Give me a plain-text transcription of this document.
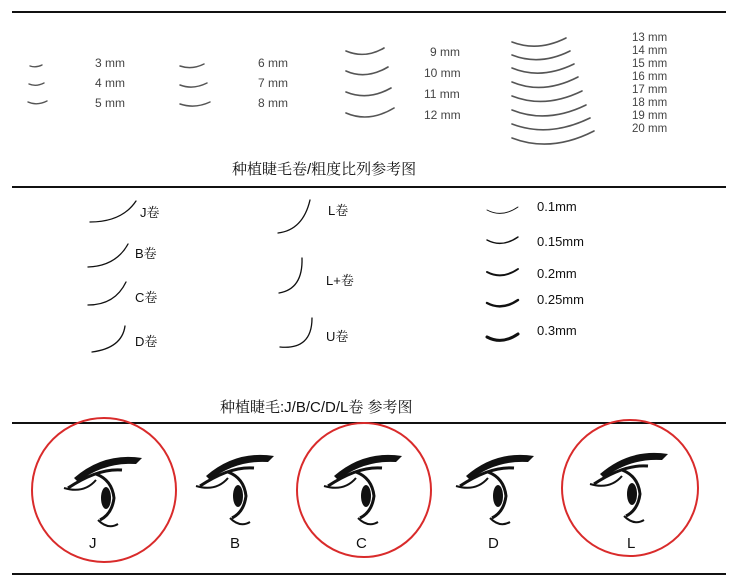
3 mm
4 mm
5 mm
6 mm
7 mm
8 mm
9 mm
10 mm
11 mm
12 mm
13 mm
14 mm
15 mm
16 mm
17 mm
18 mm
19 mm
20 mm
种植睫毛卷/粗度比列参考图
J卷
B卷
C卷
D卷
L卷
L+卷
U卷
0.1mm
0.15mm
0.2mm
0.25mm
0.3mm
种植睫毛:J/B/C/D/L卷 参考图
J	B	C	D	L
